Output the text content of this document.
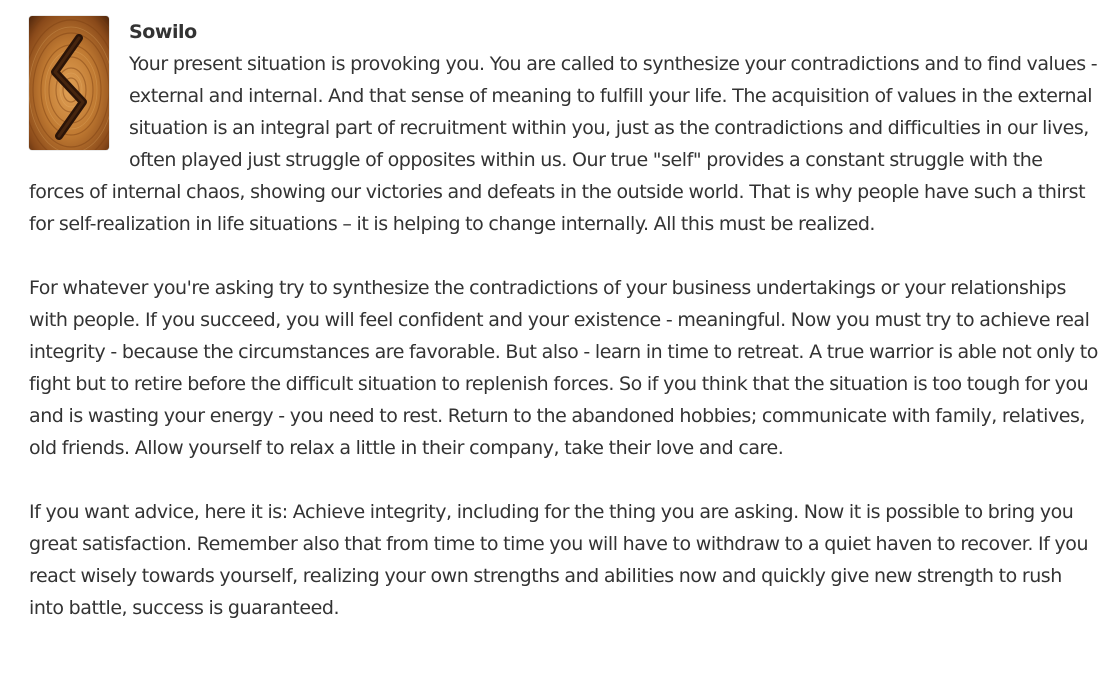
Sowilo

Your present situation is provoking you. You are called to synthesize your contradictions and to find values - external and internal. And that sense of meaning to fulfill your life. The acquisition of values in the external situation is an integral part of recruitment within you, just as the contradictions and difficulties in our lives, often played just struggle of opposites within us. Our true "self" provides a constant struggle with the forces of internal chaos, showing our victories and defeats in the outside world. That is why people have such a thirst for self-realization in life situations – it is helping to change internally. All this must be realized.

For whatever you're asking try to synthesize the contradictions of your business undertakings or your relationships with people. If you succeed, you will feel confident and your existence - meaningful. Now you must try to achieve real integrity - because the circumstances are favorable. But also - learn in time to retreat. A true warrior is able not only to fight but to retire before the difficult situation to replenish forces. So if you think that the situation is too tough for you and is wasting your energy - you need to rest. Return to the abandoned hobbies; communicate with family, relatives, old friends. Allow yourself to relax a little in their company, take their love and care.

If you want advice, here it is: Achieve integrity, including for the thing you are asking. Now it is possible to bring you great satisfaction. Remember also that from time to time you will have to withdraw to a quiet haven to recover. If you react wisely towards yourself, realizing your own strengths and abilities now and quickly give new strength to rush into battle, success is guaranteed.
